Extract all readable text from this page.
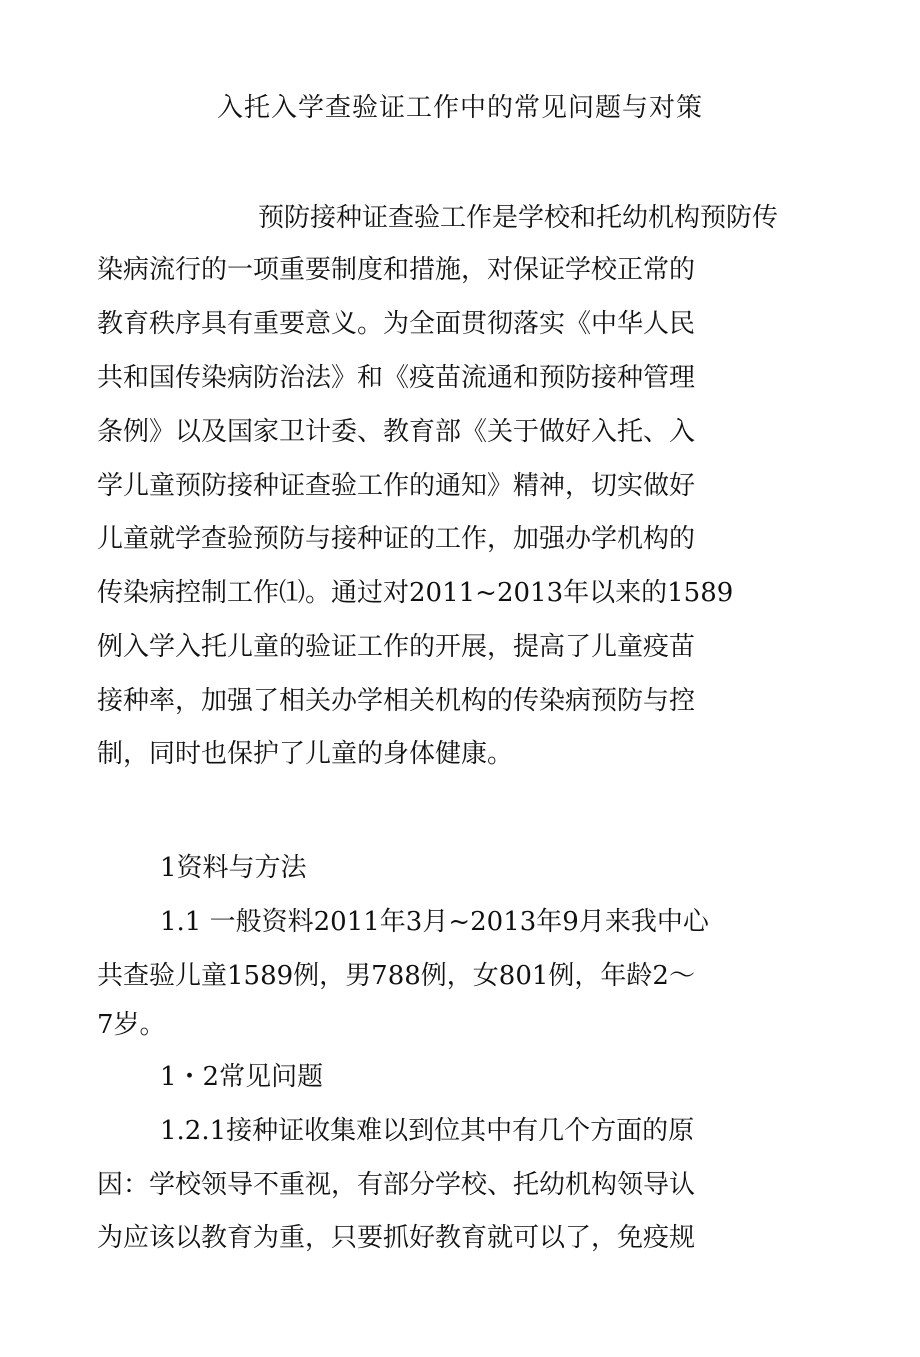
入托入学查验证工作中的常见问题与对策
预防接种证查验工作是学校和托幼机构预防传
染病流行的一项重要制度和措施，对保证学校正常的
教育秩序具有重要意义。为全面贯彻落实《中华人民
共和国传染病防治法》和《疫苗流通和预防接种管理
条例》以及国家卫计委、教育部《关于做好入托、入
学儿童预防接种证查验工作的通知》精神，切实做好
儿童就学查验预防与接种证的工作，加强办学机构的
传染病控制工作⑴。通过对2011~2013年以来的1589
例入学入托儿童的验证工作的开展，提高了儿童疫苗
接种率，加强了相关办学相关机构的传染病预防与控
制，同时也保护了儿童的身体健康。
1资料与方法
1.1 一般资料2011年3月~2013年9月来我中心
共查验儿童1589例，男788例，女801例，年龄2～
7岁。
1・2常见问题
1.2.1接种证收集难以到位其中有几个方面的原
因：学校领导不重视，有部分学校、托幼机构领导认
为应该以教育为重，只要抓好教育就可以了，免疫规
